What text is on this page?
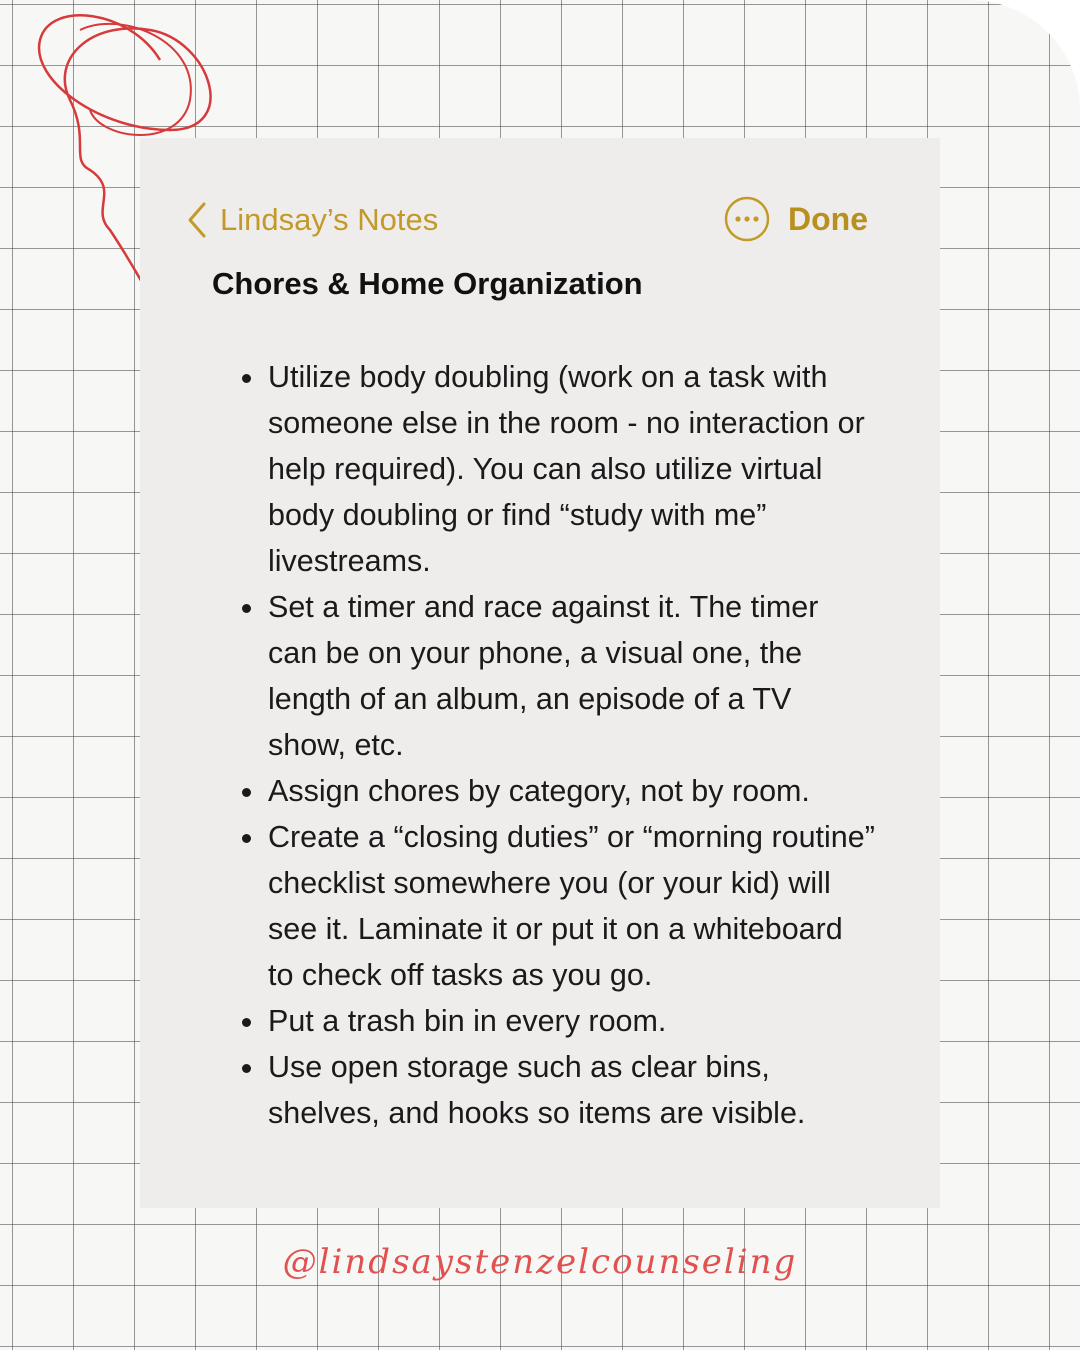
Lindsay’s Notes	Done
Chores & Home Organization
Utilize body doubling (work on a task with someone else in the room - no interaction or help required). You can also utilize virtual body doubling or find “study with me” livestreams.
Set a timer and race against it. The timer can be on your phone, a visual one, the length of an album, an episode of a TV show, etc.
Assign chores by category, not by room.
Create a “closing duties” or “morning routine” checklist somewhere you (or your kid) will see it. Laminate it or put it on a whiteboard to check off tasks as you go.
Put a trash bin in every room.
Use open storage such as clear bins, shelves, and hooks so items are visible.
@lindsaystenzelcounseling
